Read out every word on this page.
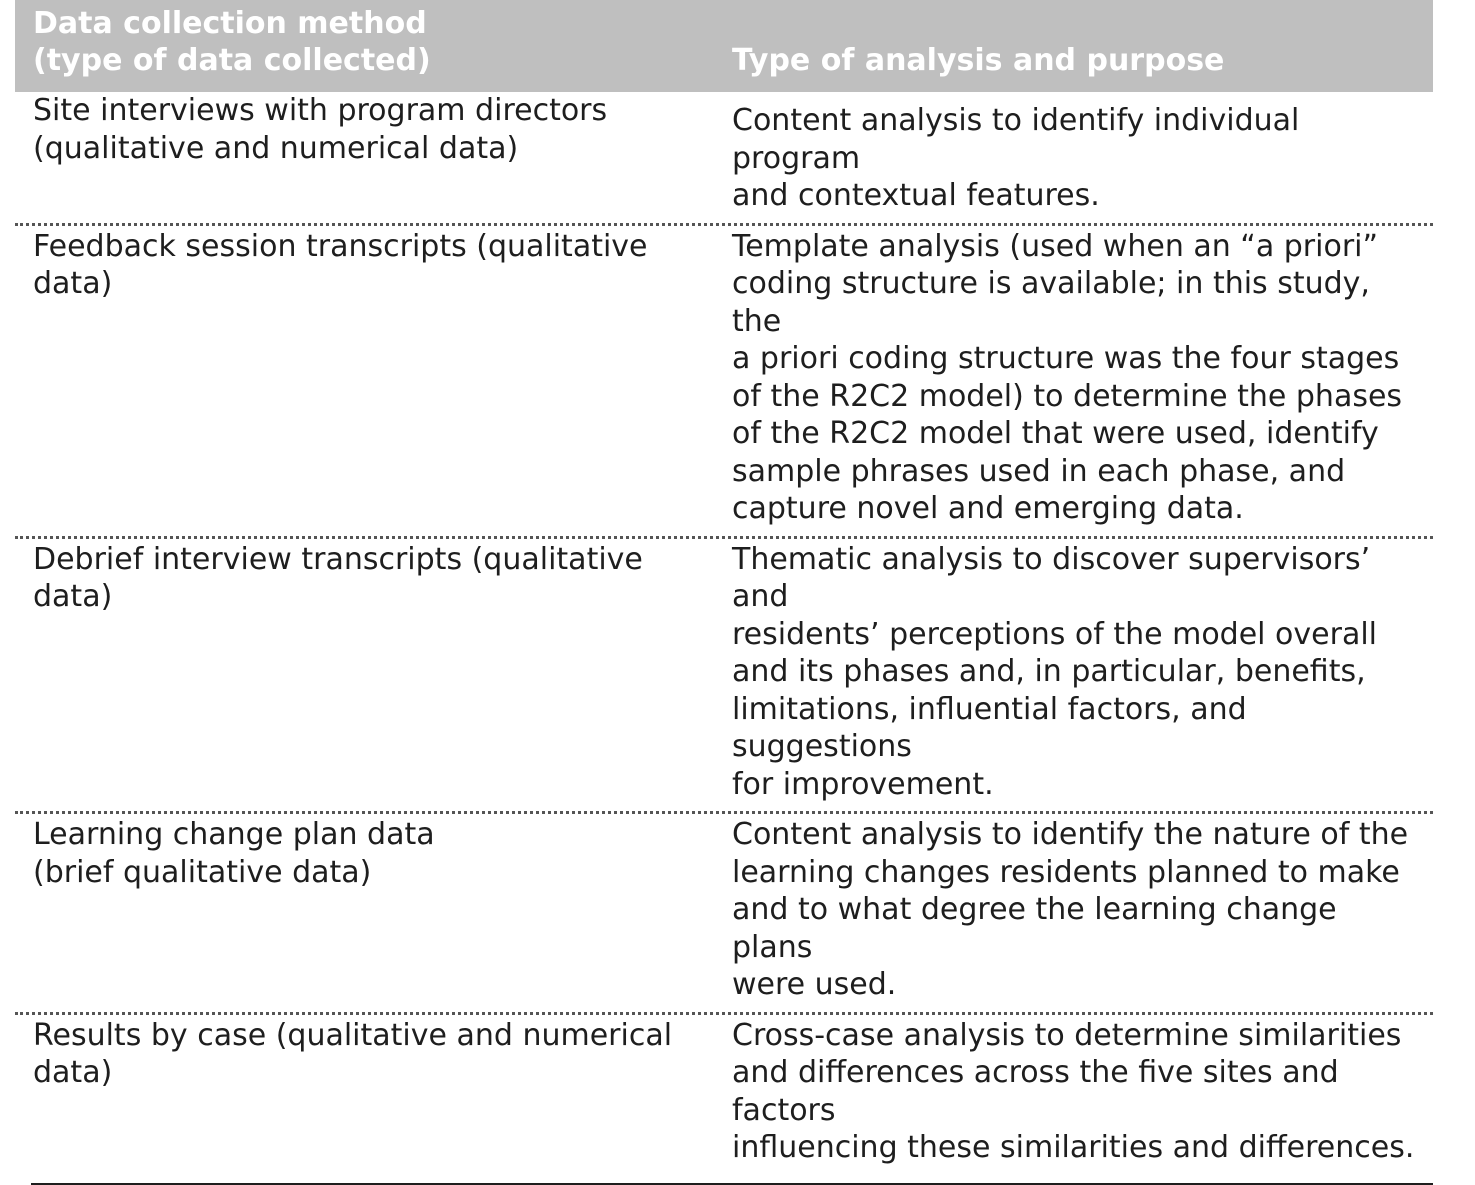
Data collection method
(type of data collected)	Type of analysis and purpose
Site interviews with program directors
(qualitative and numerical data)
Content analysis to identify individual program
and contextual features.
Feedback session transcripts (qualitative data)
Template analysis (used when an “a priori”
coding structure is available; in this study, the
a priori coding structure was the four stages
of the R2C2 model) to determine the phases
of the R2C2 model that were used, identify
sample phrases used in each phase, and
capture novel and emerging data.
Debrief interview transcripts (qualitative data)
Thematic analysis to discover supervisors’ and
residents’ perceptions of the model overall
and its phases and, in particular, benefits,
limitations, influential factors, and suggestions
for improvement.
Learning change plan data
(brief qualitative data)
Content analysis to identify the nature of the
learning changes residents planned to make
and to what degree the learning change plans
were used.
Results by case (qualitative and numerical data)
Cross-case analysis to determine similarities
and differences across the five sites and factors
influencing these similarities and differences.
